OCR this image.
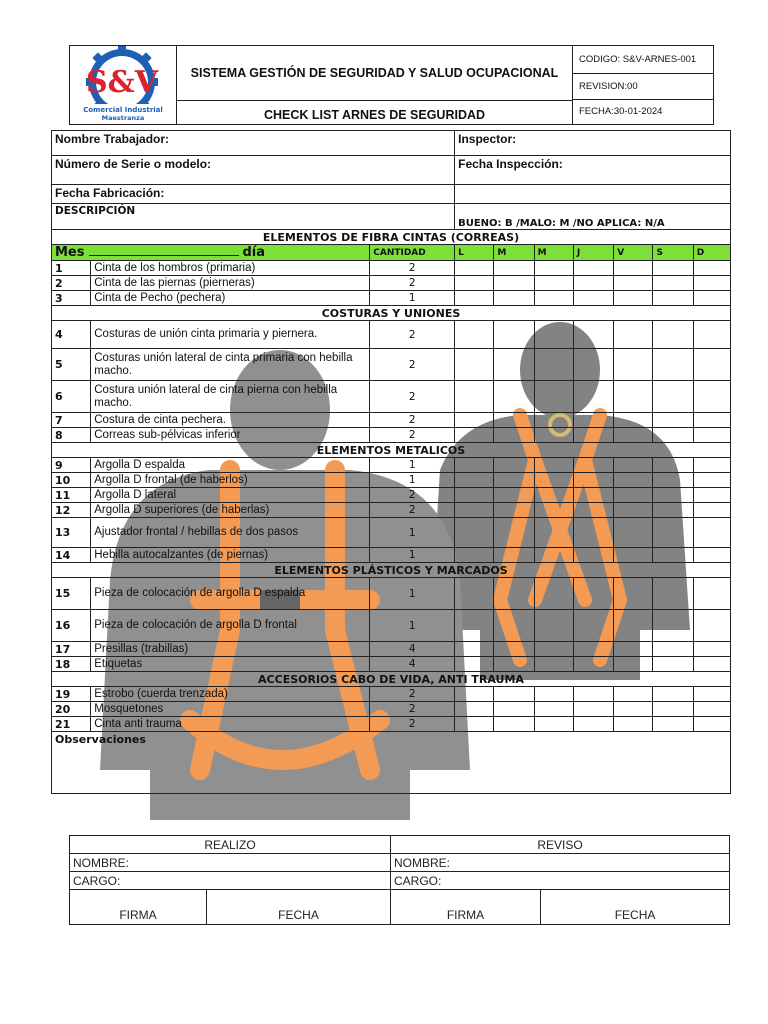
S&V
Comercial Industrial
Maestranza
SISTEMA GESTIÓN DE SEGURIDAD Y SALUD OCUPACIONAL
CHECK LIST ARNES DE SEGURIDAD
CODIGO: S&V-ARNES-001
REVISION:00
FECHA:30-01-2024
Nombre Trabajador:			Inspector:						
Número de Serie o modelo:			Fecha Inspección:						
Fecha Fabricación:									
DESCRIPCIÓN			BUENO: B /MALO: M /NO APLICA: N/A						
ELEMENTOS DE FIBRA CINTAS (CORREAS)									
Mes día		CANTIDAD	L	M	M	J	V	S	D
1	Cinta de los hombros (primaria)	2							
2	Cinta de las piernas (pierneras)	2							
3	Cinta de Pecho (pechera)	1							
COSTURAS Y UNIONES									
4	Costuras de unión cinta primaria y piernera.	2							
5	Costuras unión lateral de cinta primaria con hebilla macho.	2							
6	Costura unión lateral de cinta pierna con hebilla macho.	2							
7	Costura de cinta pechera.	2							
8	Correas sub-pélvicas inferior	2							
ELEMENTOS METALICOS									
9	Argolla D espalda	1							
10	Argolla D frontal (de haberlos)	1							
11	Argolla D lateral	2							
12	Argolla D superiores (de haberlas)	2							
13	Ajustador frontal / hebillas de dos pasos	1							
14	Hebilla autocalzantes (de piernas)	1							
ELEMENTOS PLÁSTICOS Y MARCADOS									
15	Pieza de colocación de argolla D espalda	1							
16	Pieza de colocación de argolla D frontal	1							
17	Presillas (trabillas)	4							
18	Etiquetas	4							
ACCESORIOS CABO DE VIDA, ANTI TRAUMA									
19	Estrobo (cuerda trenzada)	2							
20	Mosquetones	2							
21	Cinta anti trauma	2							
Observaciones									
REALIZO		REVISO	
NOMBRE:		NOMBRE:	
CARGO:		CARGO:	
FIRMA	FECHA	FIRMA	FECHA
